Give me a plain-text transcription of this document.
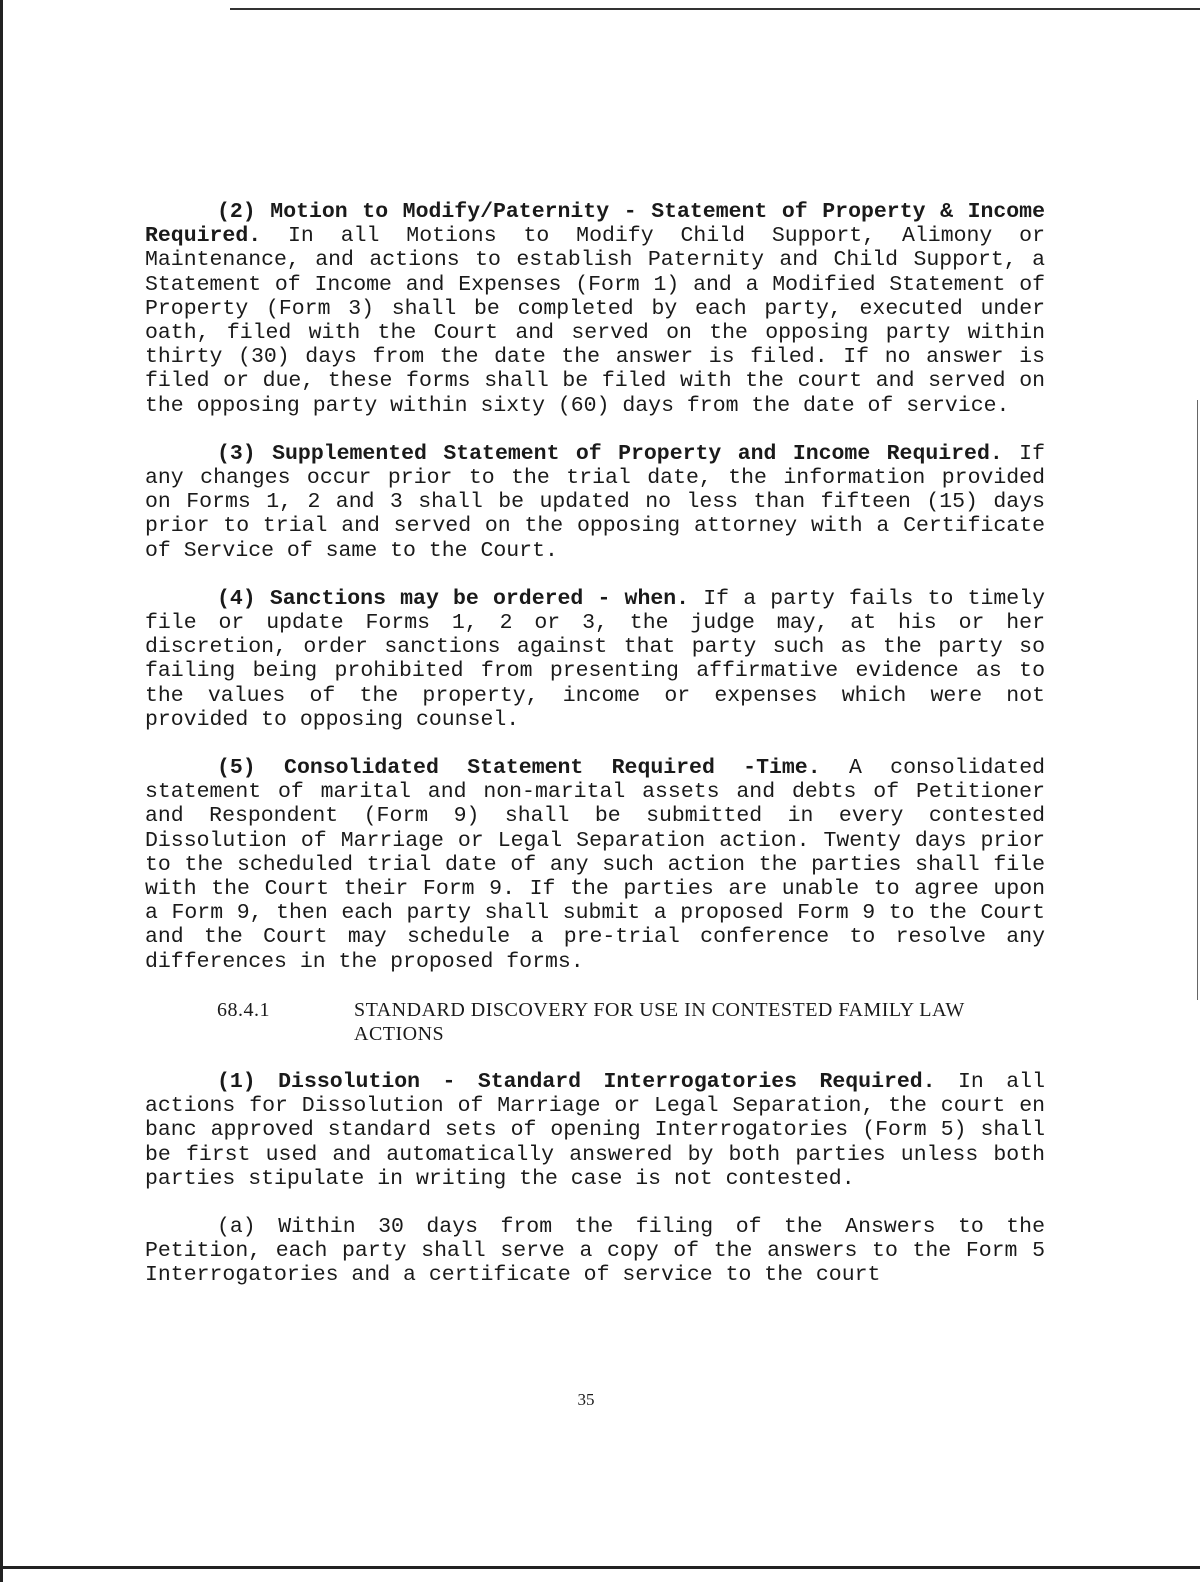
(2) Motion to Modify/Paternity - Statement of Property & Income Required. In all Motions to Modify Child Support, Alimony or Maintenance, and actions to establish Paternity and Child Support, a Statement of Income and Expenses (Form 1) and a Modified Statement of Property (Form 3) shall be completed by each party, executed under oath, filed with the Court and served on the opposing party within thirty (30) days from the date the answer is filed. If no answer is filed or due, these forms shall be filed with the court and served on the opposing party within sixty (60) days from the date of service.

(3) Supplemented Statement of Property and Income Required. If any changes occur prior to the trial date, the information provided on Forms 1, 2 and 3 shall be updated no less than fifteen (15) days prior to trial and served on the opposing attorney with a Certificate of Service of same to the Court.

(4) Sanctions may be ordered - when. If a party fails to timely file or update Forms 1, 2 or 3, the judge may, at his or her discretion, order sanctions against that party such as the party so failing being prohibited from presenting affirmative evidence as to the values of the property, income or expenses which were not provided to opposing counsel.

(5) Consolidated Statement Required -Time. A consolidated statement of marital and non-marital assets and debts of Petitioner and Respondent (Form 9) shall be submitted in every contested Dissolution of Marriage or Legal Separation action. Twenty days prior to the scheduled trial date of any such action the parties shall file with the Court their Form 9. If the parties are unable to agree upon a Form 9, then each party shall submit a proposed Form 9 to the Court and the Court may schedule a pre-trial conference to resolve any differences in the proposed forms.

68.4.1	STANDARD DISCOVERY FOR USE IN CONTESTED FAMILY LAW ACTIONS

(1) Dissolution - Standard Interrogatories Required. In all actions for Dissolution of Marriage or Legal Separation, the court en banc approved standard sets of opening Interrogatories (Form 5) shall be first used and automatically answered by both parties unless both parties stipulate in writing the case is not contested.

(a) Within 30 days from the filing of the Answers to the Petition, each party shall serve a copy of the answers to the Form 5 Interrogatories and a certificate of service to the court

35
